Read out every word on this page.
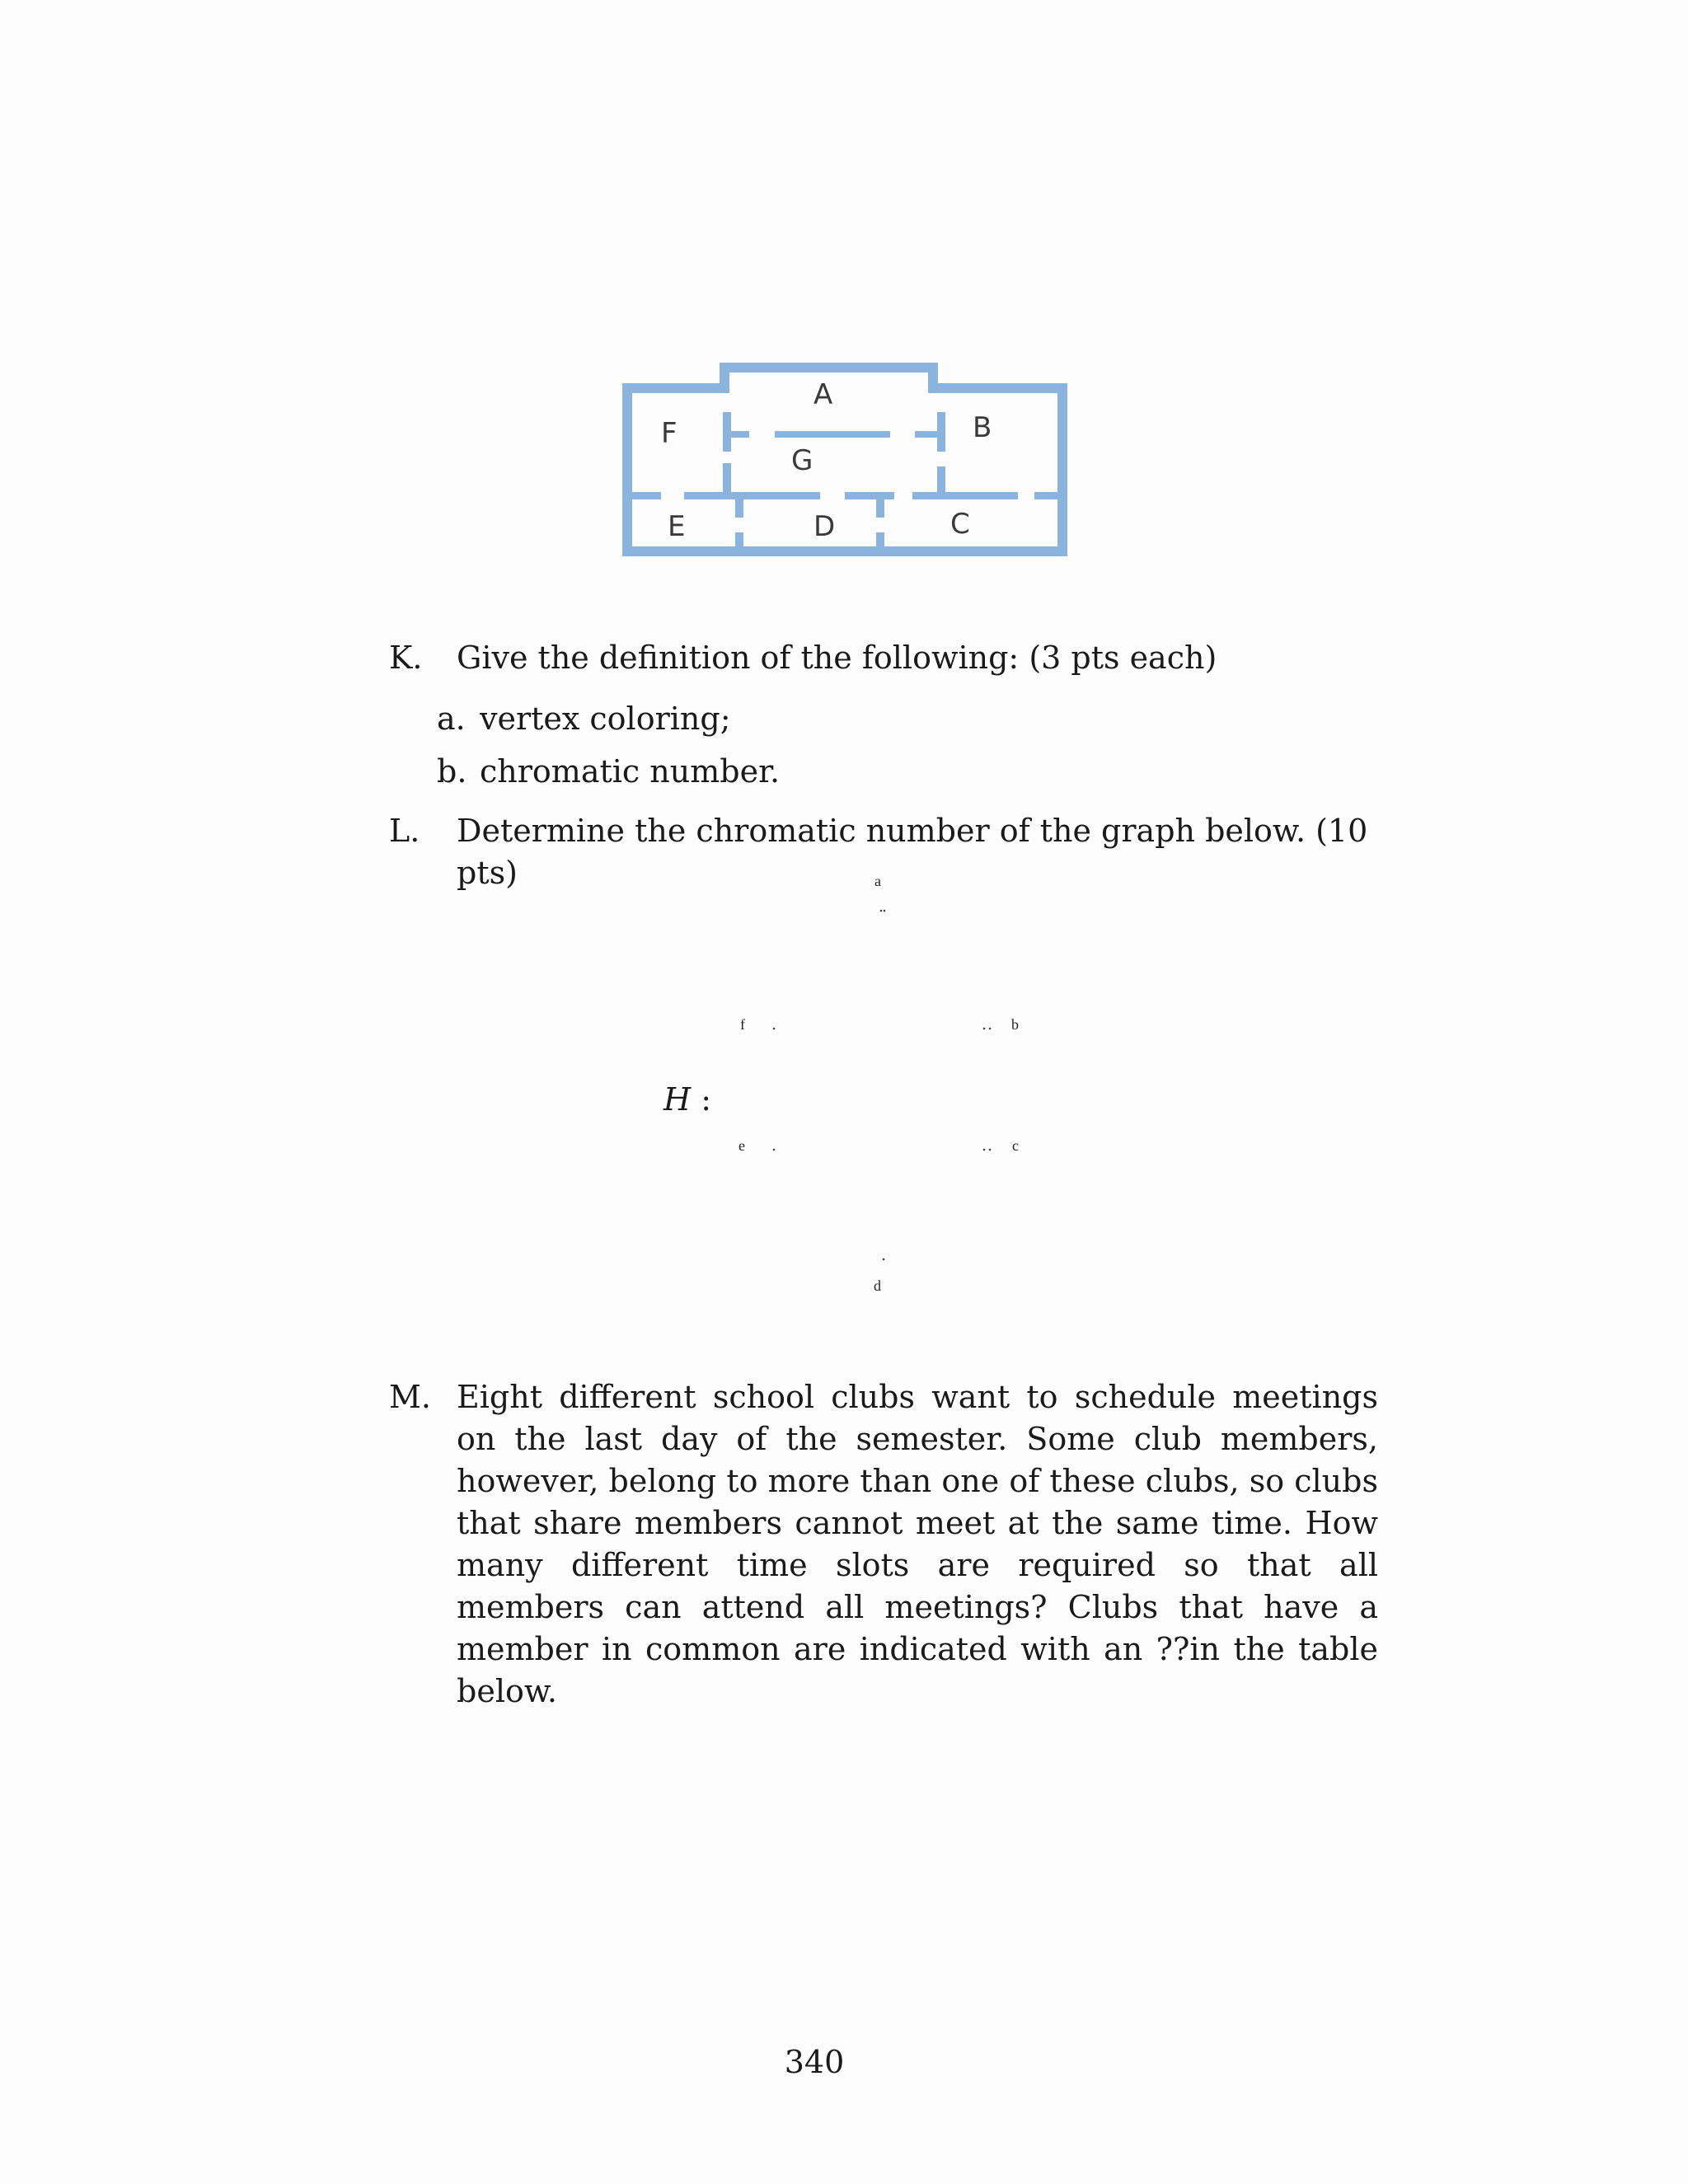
A
B
C
D
E
F
G
K. Give the definition of the following: (3 pts each)
a. vertex coloring;
b. chromatic number.
L. Determine the chromatic number of the graph below. (10 pts)	a
f	b
e	c
d
H :
M. Eight different school clubs want to schedule meetings on the last day of the semester. Some club members, however, belong to more than one of these clubs, so clubs that share members cannot meet at the same time. How many different time slots are required so that all members can attend all meetings? Clubs that have a member in common are indicated with an ??in the table below.
340
